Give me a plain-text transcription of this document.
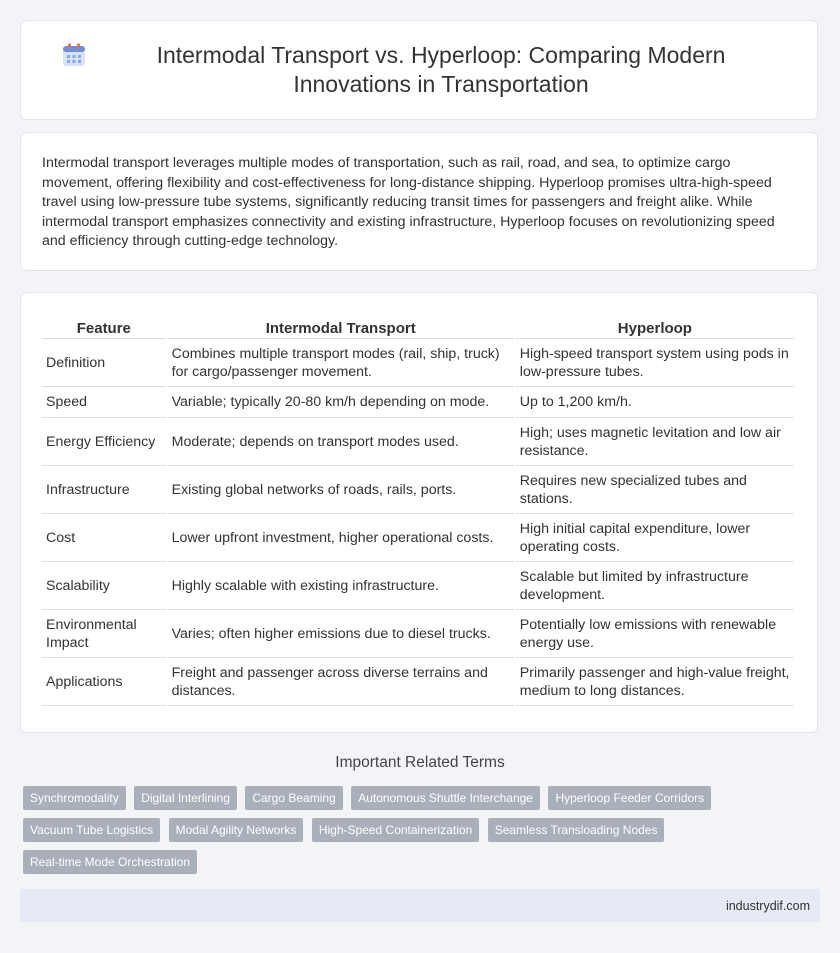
Intermodal Transport vs. Hyperloop: Comparing Modern Innovations in Transportation

Intermodal transport leverages multiple modes of transportation, such as rail, road, and sea, to optimize cargo movement, offering flexibility and cost-effectiveness for long-distance shipping. Hyperloop promises ultra-high-speed travel using low-pressure tube systems, significantly reducing transit times for passengers and freight alike. While intermodal transport emphasizes connectivity and existing infrastructure, Hyperloop focuses on revolutionizing speed and efficiency through cutting-edge technology.

Feature	Intermodal Transport	Hyperloop
Definition	Combines multiple transport modes (rail, ship, truck) for cargo/passenger movement.	High-speed transport system using pods in low-pressure tubes.
Speed	Variable; typically 20-80 km/h depending on mode.	Up to 1,200 km/h.
Energy Efficiency	Moderate; depends on transport modes used.	High; uses magnetic levitation and low air resistance.
Infrastructure	Existing global networks of roads, rails, ports.	Requires new specialized tubes and stations.
Cost	Lower upfront investment, higher operational costs.	High initial capital expenditure, lower operating costs.
Scalability	Highly scalable with existing infrastructure.	Scalable but limited by infrastructure development.
Environmental Impact	Varies; often higher emissions due to diesel trucks.	Potentially low emissions with renewable energy use.
Applications	Freight and passenger across diverse terrains and distances.	Primarily passenger and high-value freight, medium to long distances.
Important Related Terms
Synchromodality Digital Interlining Cargo Beaming Autonomous Shuttle Interchange Hyperloop Feeder Corridors
Vacuum Tube Logistics Modal Agility Networks High-Speed Containerization Seamless Transloading Nodes
Real-time Mode Orchestration
industrydif.com
